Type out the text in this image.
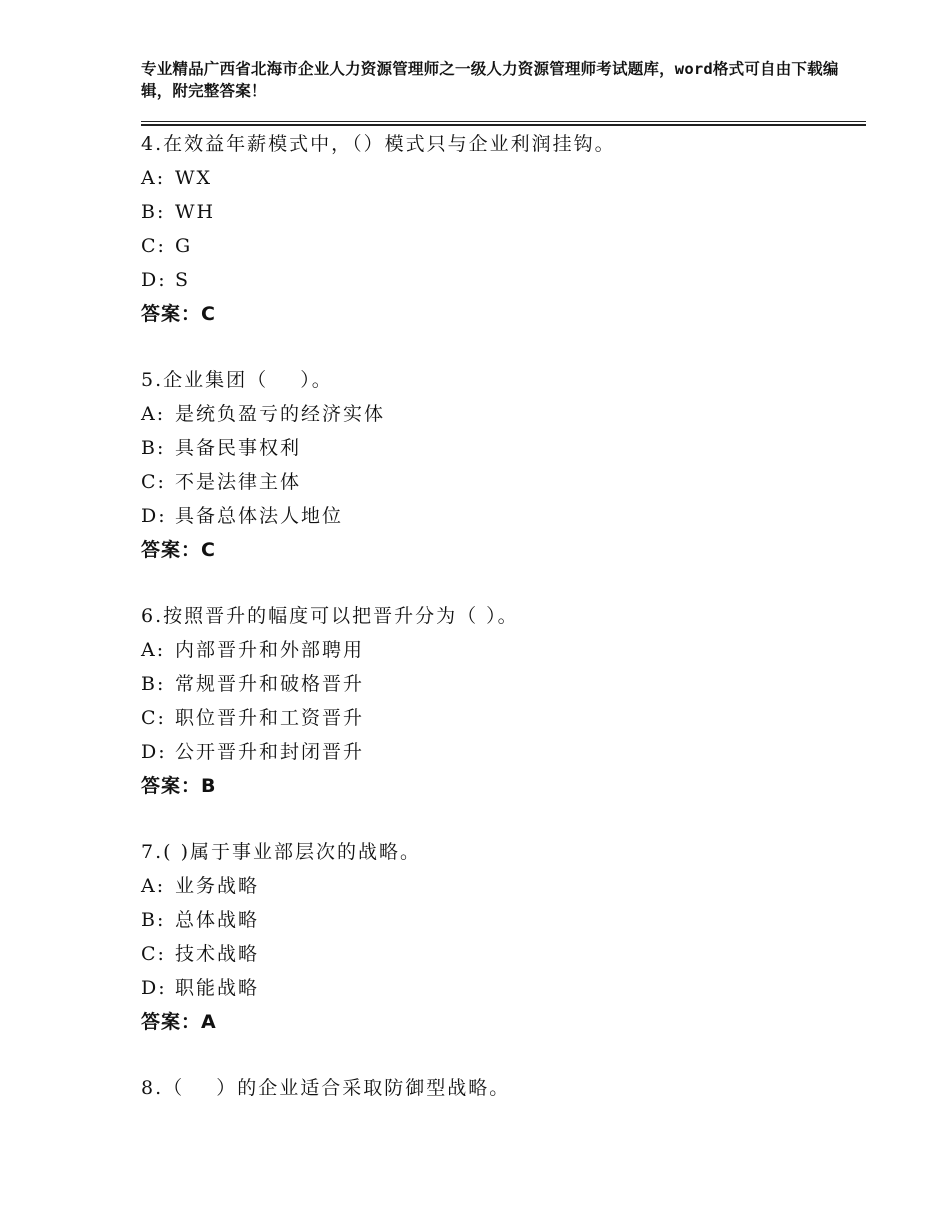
专业精品广西省北海市企业人力资源管理师之一级人力资源管理师考试题库，word格式可自由下载编辑，附完整答案！
4.在效益年薪模式中，（）模式只与企业利润挂钩。
A: WX
B: WH
C: G
D: S
答案：C
5.企业集团（    ）。
A: 是统负盈亏的经济实体
B: 具备民事权利
C: 不是法律主体
D: 具备总体法人地位
答案：C
6.按照晋升的幅度可以把晋升分为（ ）。
A: 内部晋升和外部聘用
B: 常规晋升和破格晋升
C: 职位晋升和工资晋升
D: 公开晋升和封闭晋升
答案：B
7.( )属于事业部层次的战略。
A: 业务战略
B: 总体战略
C: 技术战略
D: 职能战略
答案：A
8.（    ）的企业适合采取防御型战略。
